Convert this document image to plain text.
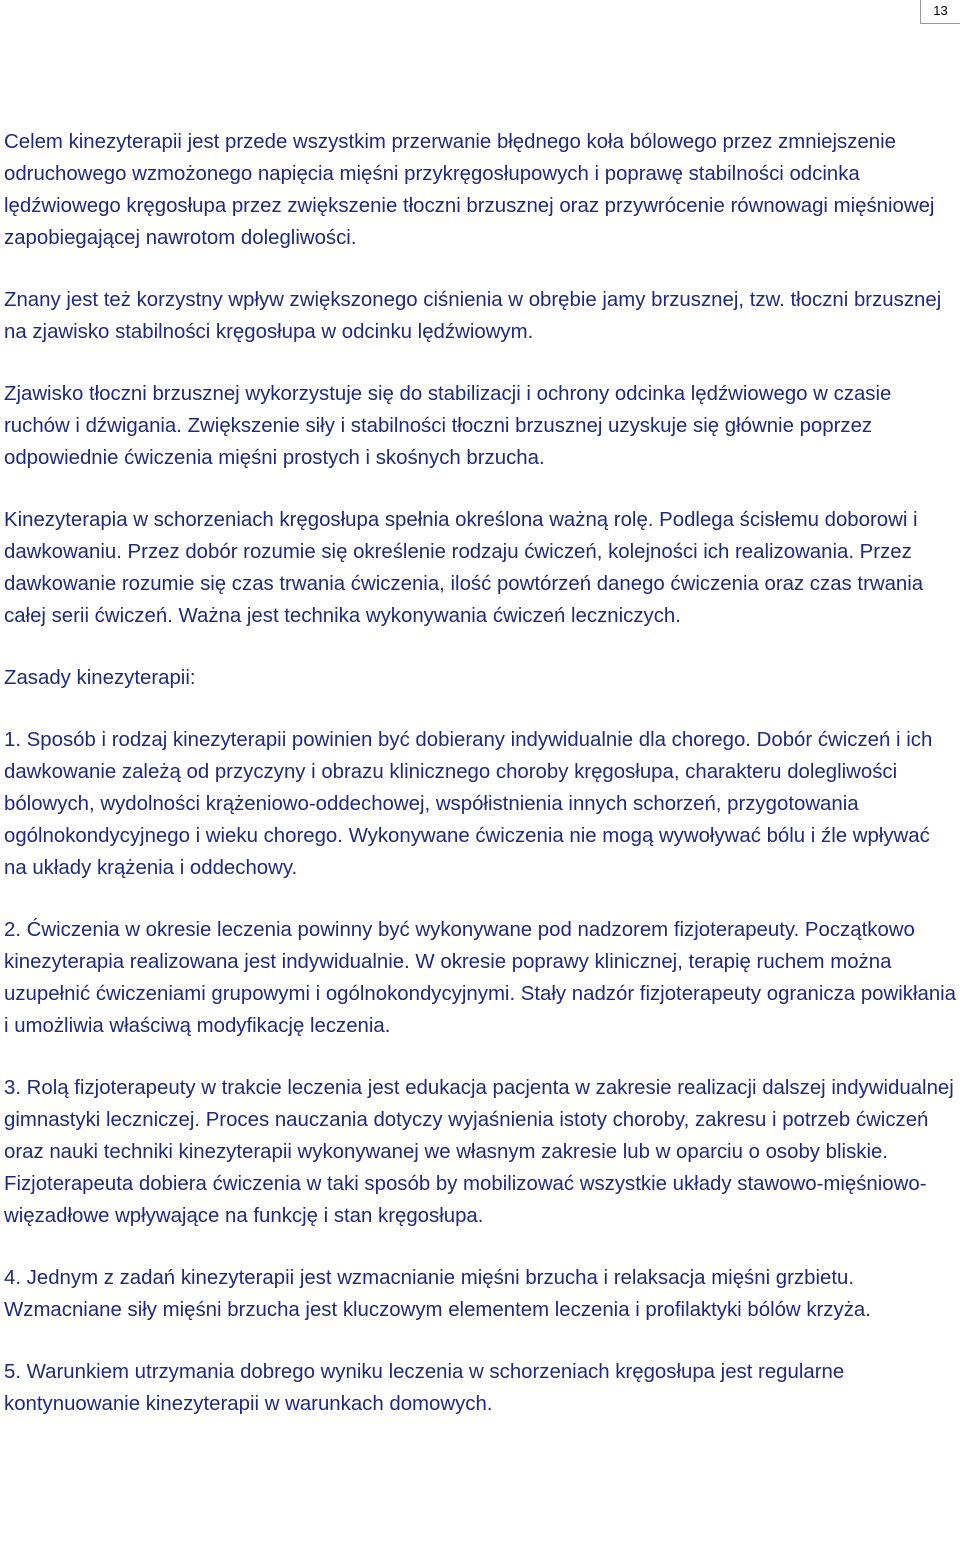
13

Celem kinezyterapii jest przede wszystkim przerwanie błędnego koła bólowego przez zmniejszenie odruchowego wzmożonego napięcia mięśni przykręgosłupowych i poprawę stabilności odcinka lędźwiowego kręgosłupa przez zwiększenie tłoczni brzusznej oraz przywrócenie równowagi mięśniowej zapobiegającej nawrotom dolegliwości.

Znany jest też korzystny wpływ zwiększonego ciśnienia w obrębie jamy brzusznej, tzw. tłoczni brzusznej na zjawisko stabilności kręgosłupa w odcinku lędźwiowym.

Zjawisko tłoczni brzusznej wykorzystuje się do stabilizacji i ochrony odcinka lędźwiowego w czasie ruchów i dźwigania. Zwiększenie siły i stabilności tłoczni brzusznej uzyskuje się głównie poprzez odpowiednie ćwiczenia mięśni prostych i skośnych brzucha.

Kinezyterapia w schorzeniach kręgosłupa spełnia określona ważną rolę. Podlega ścisłemu doborowi i dawkowaniu. Przez dobór rozumie się określenie rodzaju ćwiczeń, kolejności ich realizowania. Przez dawkowanie rozumie się czas trwania ćwiczenia, ilość powtórzeń danego ćwiczenia oraz czas trwania całej serii ćwiczeń. Ważna jest technika wykonywania ćwiczeń leczniczych.

Zasady kinezyterapii:

1. Sposób i rodzaj kinezyterapii powinien być dobierany indywidualnie dla chorego. Dobór ćwiczeń i ich dawkowanie zależą od przyczyny i obrazu klinicznego choroby kręgosłupa, charakteru dolegliwości bólowych, wydolności krążeniowo-oddechowej, współistnienia innych schorzeń, przygotowania ogólnokondycyjnego i wieku chorego. Wykonywane ćwiczenia nie mogą wywoływać bólu i źle wpływać na układy krążenia i oddechowy.

2. Ćwiczenia w okresie leczenia powinny być wykonywane pod nadzorem fizjoterapeuty. Początkowo kinezyterapia realizowana jest indywidualnie. W okresie poprawy klinicznej, terapię ruchem można uzupełnić ćwiczeniami grupowymi i ogólnokondycyjnymi. Stały nadzór fizjoterapeuty ogranicza powikłania i umożliwia właściwą modyfikację leczenia.

3. Rolą fizjoterapeuty w trakcie leczenia jest edukacja pacjenta w zakresie realizacji dalszej indywidualnej gimnastyki leczniczej. Proces nauczania dotyczy wyjaśnienia istoty choroby, zakresu i potrzeb ćwiczeń oraz nauki techniki kinezyterapii wykonywanej we własnym zakresie lub w oparciu o osoby bliskie. Fizjoterapeuta dobiera ćwiczenia w taki sposób by mobilizować wszystkie układy stawowo-mięśniowo-więzadłowe wpływające na funkcję i stan kręgosłupa.

4. Jednym z zadań kinezyterapii jest wzmacnianie mięśni brzucha i relaksacja mięśni grzbietu. Wzmacniane siły mięśni brzucha jest kluczowym elementem leczenia i profilaktyki bólów krzyża.

5. Warunkiem utrzymania dobrego wyniku leczenia w schorzeniach kręgosłupa jest regularne kontynuowanie kinezyterapii w warunkach domowych.
